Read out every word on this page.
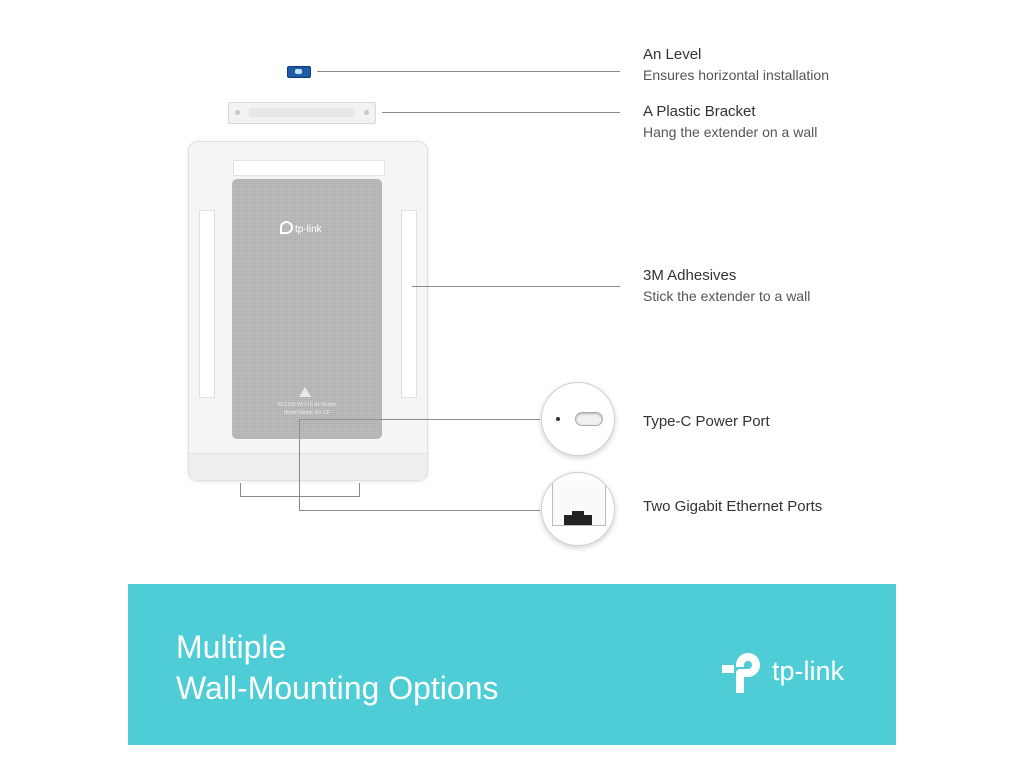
An Level
Ensures horizontal installation
A Plastic Bracket
Hang the extender on a wall
tp-link
AC1200 Wi-Fi 6 Ax Router
Model Name: AX-CF
3M Adhesives
Stick the extender to a wall
Type-C Power Port
Two Gigabit Ethernet Ports
Multiple
Wall-Mounting Options	tp-link
